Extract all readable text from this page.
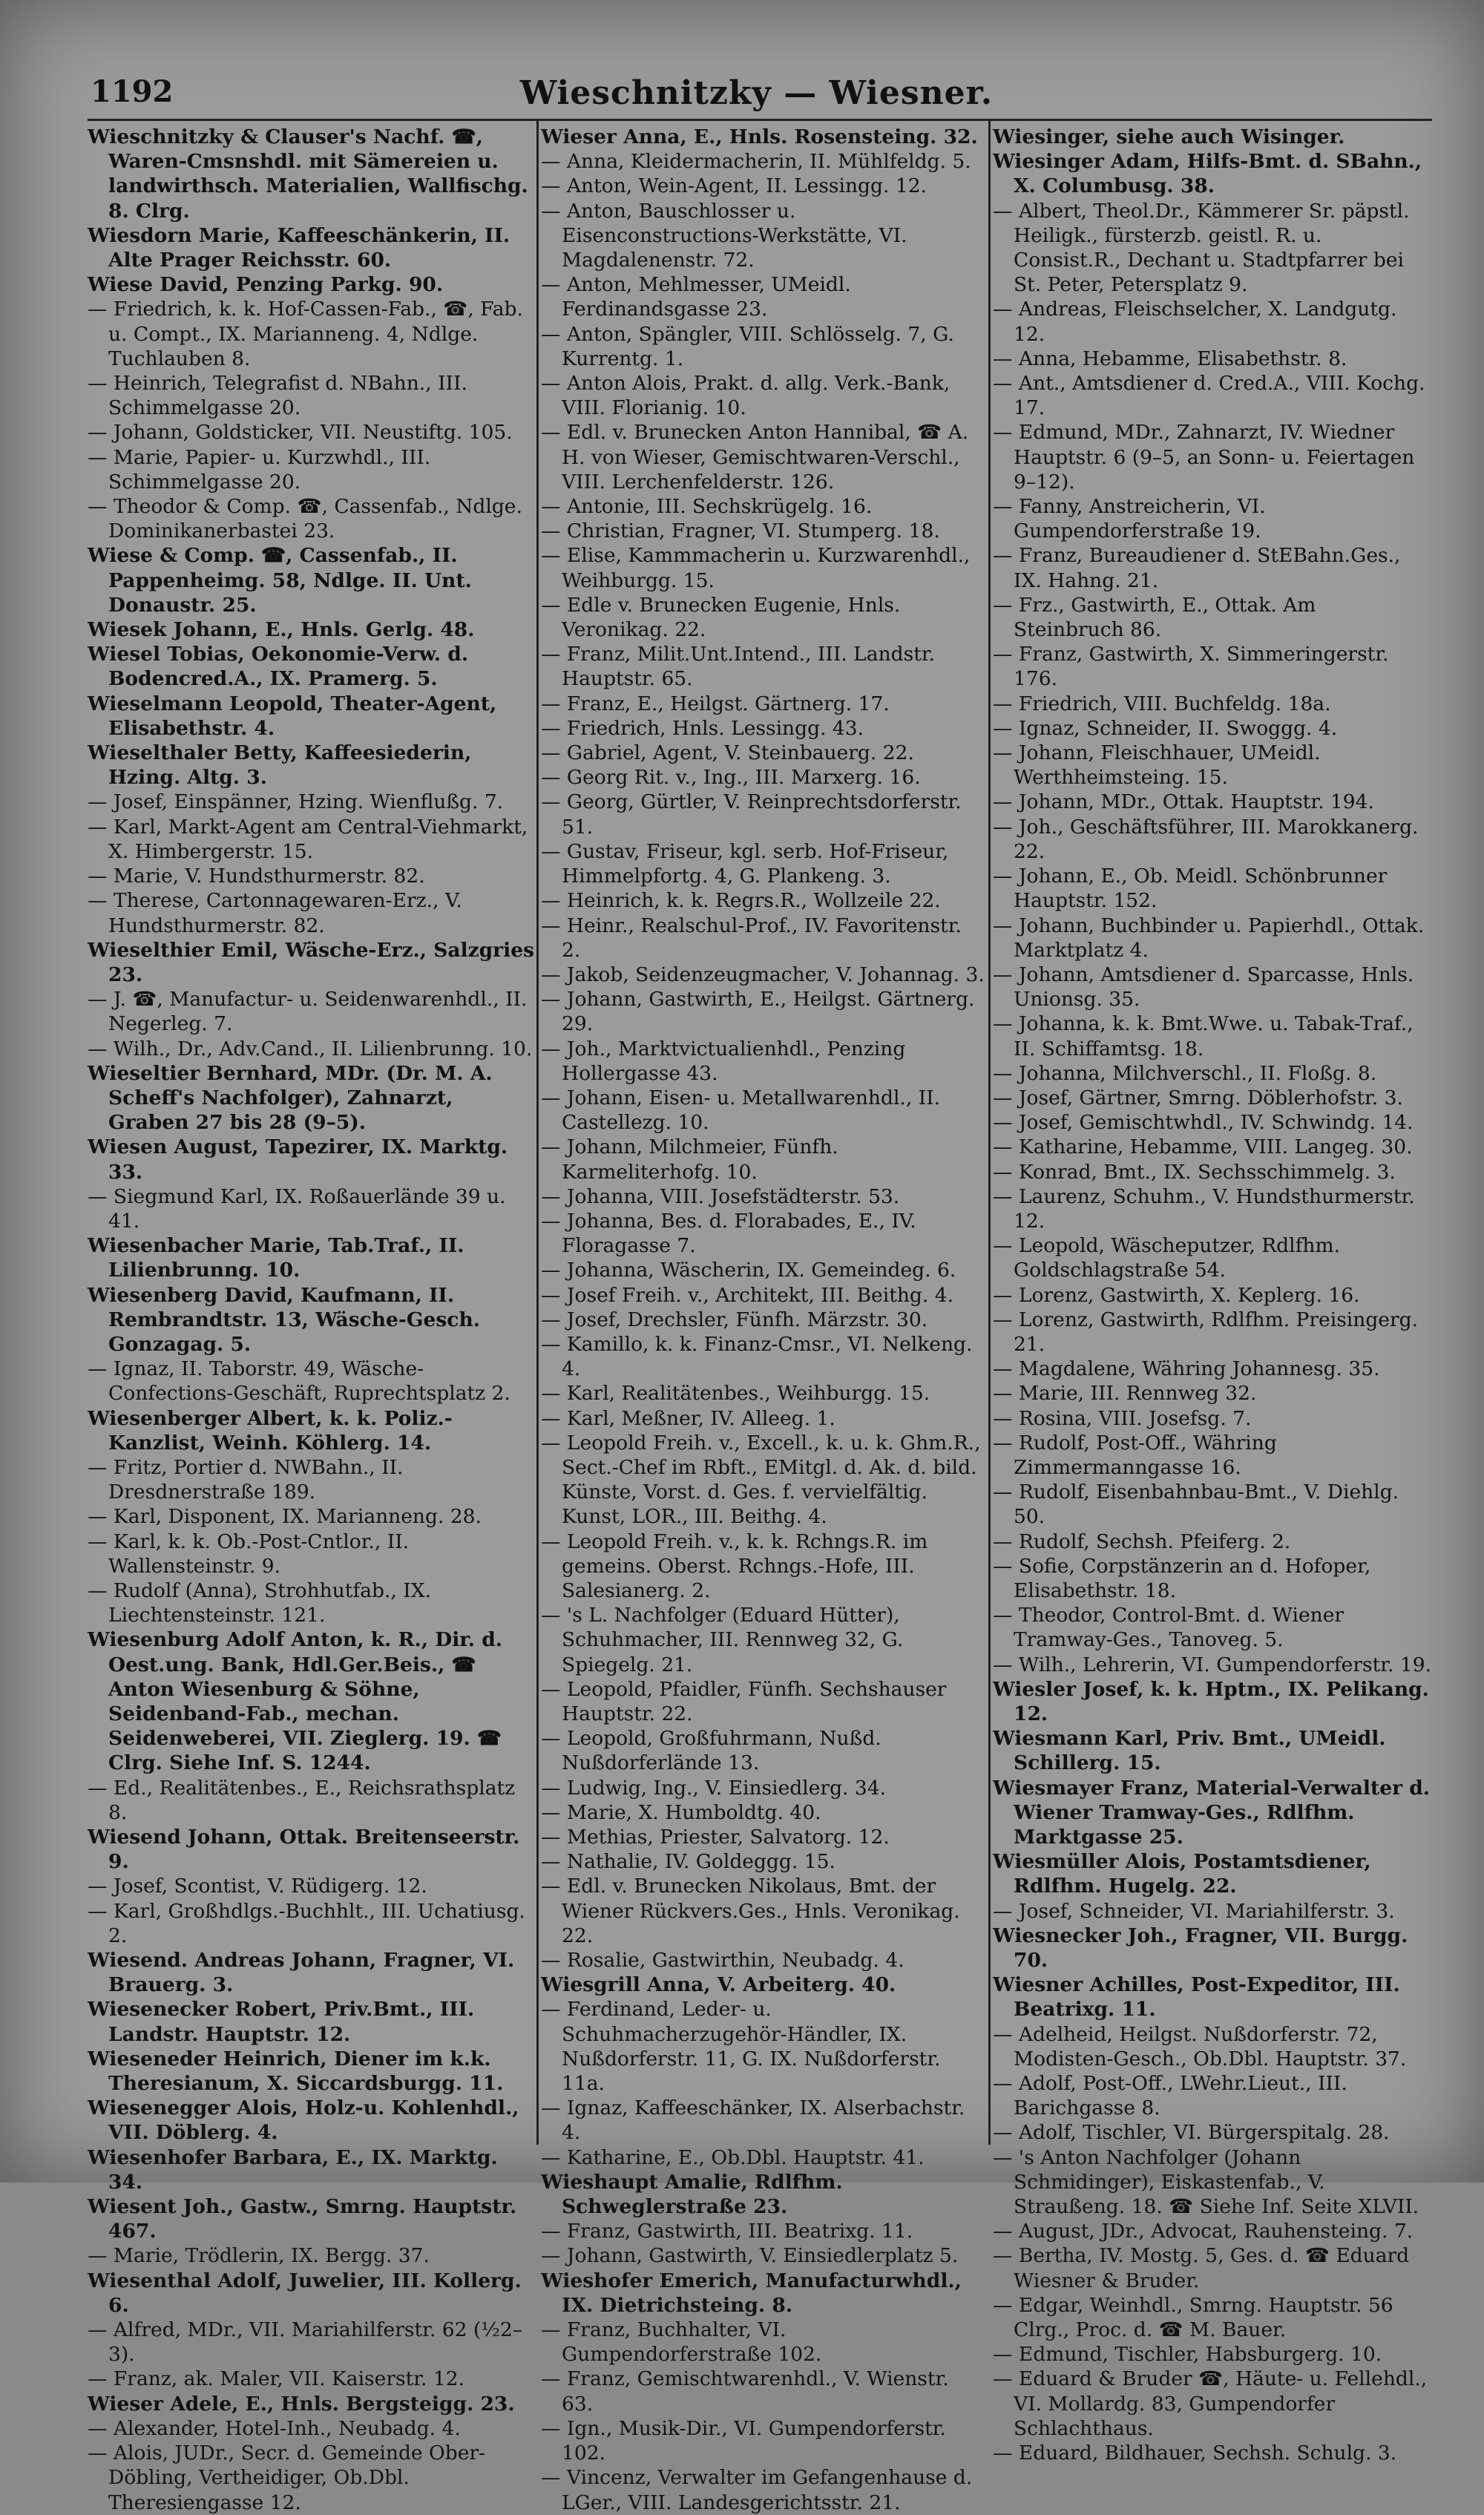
1192	Wieschnitzky — Wiesner.
Wieschnitzky & Clauser's Nachf. ☎, Waren-Cmsnshdl. mit Sämereien u. landwirthsch. Materialien, Wallfischg. 8. Clrg.
Wiesdorn Marie, Kaffeeschänkerin, II. Alte Prager Reichsstr. 60.
Wiese David, Penzing Parkg. 90.
— Friedrich, k. k. Hof-Cassen-Fab., ☎, Fab. u. Compt., IX. Marianneng. 4, Ndlge. Tuchlauben 8.
— Heinrich, Telegrafist d. NBahn., III. Schimmelgasse 20.
— Johann, Goldsticker, VII. Neustiftg. 105.
— Marie, Papier- u. Kurzwhdl., III. Schimmelgasse 20.
— Theodor & Comp. ☎, Cassenfab., Ndlge. Dominikanerbastei 23.
Wiese & Comp. ☎, Cassenfab., II. Pappenheimg. 58, Ndlge. II. Unt. Donaustr. 25.
Wiesek Johann, E., Hnls. Gerlg. 48.
Wiesel Tobias, Oekonomie-Verw. d. Bodencred.A., IX. Pramerg. 5.
Wieselmann Leopold, Theater-Agent, Elisabethstr. 4.
Wieselthaler Betty, Kaffeesiederin, Hzing. Altg. 3.
— Josef, Einspänner, Hzing. Wienflußg. 7.
— Karl, Markt-Agent am Central-Viehmarkt, X. Himbergerstr. 15.
— Marie, V. Hundsthurmerstr. 82.
— Therese, Cartonnagewaren-Erz., V. Hundsthurmerstr. 82.
Wieselthier Emil, Wäsche-Erz., Salzgries 23.
— J. ☎, Manufactur- u. Seidenwarenhdl., II. Negerleg. 7.
— Wilh., Dr., Adv.Cand., II. Lilienbrunng. 10.
Wieseltier Bernhard, MDr. (Dr. M. A. Scheff's Nachfolger), Zahnarzt, Graben 27 bis 28 (9–5).
Wiesen August, Tapezirer, IX. Marktg. 33.
— Siegmund Karl, IX. Roßauerlände 39 u. 41.
Wiesenbacher Marie, Tab.Traf., II. Lilienbrunng. 10.
Wiesenberg David, Kaufmann, II. Rembrandtstr. 13, Wäsche-Gesch. Gonzagag. 5.
— Ignaz, II. Taborstr. 49, Wäsche-Confections-Geschäft, Ruprechtsplatz 2.
Wiesenberger Albert, k. k. Poliz.-Kanzlist, Weinh. Köhlerg. 14.
— Fritz, Portier d. NWBahn., II. Dresdnerstraße 189.
— Karl, Disponent, IX. Marianneng. 28.
— Karl, k. k. Ob.-Post-Cntlor., II. Wallensteinstr. 9.
— Rudolf (Anna), Strohhutfab., IX. Liechtensteinstr. 121.
Wiesenburg Adolf Anton, k. R., Dir. d. Oest.ung. Bank, Hdl.Ger.Beis., ☎ Anton Wiesenburg & Söhne, Seidenband-Fab., mechan. Seidenweberei, VII. Zieglerg. 19. ☎ Clrg. Siehe Inf. S. 1244.
— Ed., Realitätenbes., E., Reichsrathsplatz 8.
Wiesend Johann, Ottak. Breitenseerstr. 9.
— Josef, Scontist, V. Rüdigerg. 12.
— Karl, Großhdlgs.-Buchhlt., III. Uchatiusg. 2.
Wiesend. Andreas Johann, Fragner, VI. Brauerg. 3.
Wiesenecker Robert, Priv.Bmt., III. Landstr. Hauptstr. 12.
Wieseneder Heinrich, Diener im k.k. Theresianum, X. Siccardsburgg. 11.
Wiesenegger Alois, Holz-u. Kohlenhdl., VII. Döblerg. 4.
Wiesenhofer Barbara, E., IX. Marktg. 34.
Wiesent Joh., Gastw., Smrng. Hauptstr. 467.
— Marie, Trödlerin, IX. Bergg. 37.
Wiesenthal Adolf, Juwelier, III. Kollerg. 6.
— Alfred, MDr., VII. Mariahilferstr. 62 (½2–3).
— Franz, ak. Maler, VII. Kaiserstr. 12.
Wieser Adele, E., Hnls. Bergsteigg. 23.
— Alexander, Hotel-Inh., Neubadg. 4.
— Alois, JUDr., Secr. d. Gemeinde Ober-Döbling, Vertheidiger, Ob.Dbl. Theresiengasse 12.
Wieser Anna, E., Hnls. Rosensteing. 32.
— Anna, Kleidermacherin, II. Mühlfeldg. 5.
— Anton, Wein-Agent, II. Lessingg. 12.
— Anton, Bauschlosser u. Eisenconstructions-Werkstätte, VI. Magdalenenstr. 72.
— Anton, Mehlmesser, UMeidl. Ferdinandsgasse 23.
— Anton, Spängler, VIII. Schlösselg. 7, G. Kurrentg. 1.
— Anton Alois, Prakt. d. allg. Verk.-Bank, VIII. Florianig. 10.
— Edl. v. Brunecken Anton Hannibal, ☎ A. H. von Wieser, Gemischtwaren-Verschl., VIII. Lerchenfelderstr. 126.
— Antonie, III. Sechskrügelg. 16.
— Christian, Fragner, VI. Stumperg. 18.
— Elise, Kammmacherin u. Kurzwarenhdl., Weihburgg. 15.
— Edle v. Brunecken Eugenie, Hnls. Veronikag. 22.
— Franz, Milit.Unt.Intend., III. Landstr. Hauptstr. 65.
— Franz, E., Heilgst. Gärtnerg. 17.
— Friedrich, Hnls. Lessingg. 43.
— Gabriel, Agent, V. Steinbauerg. 22.
— Georg Rit. v., Ing., III. Marxerg. 16.
— Georg, Gürtler, V. Reinprechtsdorferstr. 51.
— Gustav, Friseur, kgl. serb. Hof-Friseur, Himmelpfortg. 4, G. Plankeng. 3.
— Heinrich, k. k. Regrs.R., Wollzeile 22.
— Heinr., Realschul-Prof., IV. Favoritenstr. 2.
— Jakob, Seidenzeugmacher, V. Johannag. 3.
— Johann, Gastwirth, E., Heilgst. Gärtnerg. 29.
— Joh., Marktvictualienhdl., Penzing Hollergasse 43.
— Johann, Eisen- u. Metallwarenhdl., II. Castellezg. 10.
— Johann, Milchmeier, Fünfh. Karmeliterhofg. 10.
— Johanna, VIII. Josefstädterstr. 53.
— Johanna, Bes. d. Florabades, E., IV. Floragasse 7.
— Johanna, Wäscherin, IX. Gemeindeg. 6.
— Josef Freih. v., Architekt, III. Beithg. 4.
— Josef, Drechsler, Fünfh. Märzstr. 30.
— Kamillo, k. k. Finanz-Cmsr., VI. Nelkeng. 4.
— Karl, Realitätenbes., Weihburgg. 15.
— Karl, Meßner, IV. Alleeg. 1.
— Leopold Freih. v., Excell., k. u. k. Ghm.R., Sect.-Chef im Rbft., EMitgl. d. Ak. d. bild. Künste, Vorst. d. Ges. f. vervielfältig. Kunst, LOR., III. Beithg. 4.
— Leopold Freih. v., k. k. Rchngs.R. im gemeins. Oberst. Rchngs.-Hofe, III. Salesianerg. 2.
— 's L. Nachfolger (Eduard Hütter), Schuhmacher, III. Rennweg 32, G. Spiegelg. 21.
— Leopold, Pfaidler, Fünfh. Sechshauser Hauptstr. 22.
— Leopold, Großfuhrmann, Nußd. Nußdorferlände 13.
— Ludwig, Ing., V. Einsiedlerg. 34.
— Marie, X. Humboldtg. 40.
— Methias, Priester, Salvatorg. 12.
— Nathalie, IV. Goldeggg. 15.
— Edl. v. Brunecken Nikolaus, Bmt. der Wiener Rückvers.Ges., Hnls. Veronikag. 22.
— Rosalie, Gastwirthin, Neubadg. 4.
Wiesgrill Anna, V. Arbeiterg. 40.
— Ferdinand, Leder- u. Schuhmacherzugehör-Händler, IX. Nußdorferstr. 11, G. IX. Nußdorferstr. 11a.
— Ignaz, Kaffeeschänker, IX. Alserbachstr. 4.
— Katharine, E., Ob.Dbl. Hauptstr. 41.
Wieshaupt Amalie, Rdlfhm. Schweglerstraße 23.
— Franz, Gastwirth, III. Beatrixg. 11.
— Johann, Gastwirth, V. Einsiedlerplatz 5.
Wieshofer Emerich, Manufacturwhdl., IX. Dietrichsteing. 8.
— Franz, Buchhalter, VI. Gumpendorferstraße 102.
— Franz, Gemischtwarenhdl., V. Wienstr. 63.
— Ign., Musik-Dir., VI. Gumpendorferstr. 102.
— Vincenz, Verwalter im Gefangenhause d. LGer., VIII. Landesgerichtsstr. 21.
Wiesinger, siehe auch Wisinger.
Wiesinger Adam, Hilfs-Bmt. d. SBahn., X. Columbusg. 38.
— Albert, Theol.Dr., Kämmerer Sr. päpstl. Heiligk., fürsterzb. geistl. R. u. Consist.R., Dechant u. Stadtpfarrer bei St. Peter, Petersplatz 9.
— Andreas, Fleischselcher, X. Landgutg. 12.
— Anna, Hebamme, Elisabethstr. 8.
— Ant., Amtsdiener d. Cred.A., VIII. Kochg. 17.
— Edmund, MDr., Zahnarzt, IV. Wiedner Hauptstr. 6 (9–5, an Sonn- u. Feiertagen 9–12).
— Fanny, Anstreicherin, VI. Gumpendorferstraße 19.
— Franz, Bureaudiener d. StEBahn.Ges., IX. Hahng. 21.
— Frz., Gastwirth, E., Ottak. Am Steinbruch 86.
— Franz, Gastwirth, X. Simmeringerstr. 176.
— Friedrich, VIII. Buchfeldg. 18a.
— Ignaz, Schneider, II. Swoggg. 4.
— Johann, Fleischhauer, UMeidl. Werthheimsteing. 15.
— Johann, MDr., Ottak. Hauptstr. 194.
— Joh., Geschäftsführer, III. Marokkanerg. 22.
— Johann, E., Ob. Meidl. Schönbrunner Hauptstr. 152.
— Johann, Buchbinder u. Papierhdl., Ottak. Marktplatz 4.
— Johann, Amtsdiener d. Sparcasse, Hnls. Unionsg. 35.
— Johanna, k. k. Bmt.Wwe. u. Tabak-Traf., II. Schiffamtsg. 18.
— Johanna, Milchverschl., II. Floßg. 8.
— Josef, Gärtner, Smrng. Döblerhofstr. 3.
— Josef, Gemischtwhdl., IV. Schwindg. 14.
— Katharine, Hebamme, VIII. Langeg. 30.
— Konrad, Bmt., IX. Sechsschimmelg. 3.
— Laurenz, Schuhm., V. Hundsthurmerstr. 12.
— Leopold, Wäscheputzer, Rdlfhm. Goldschlagstraße 54.
— Lorenz, Gastwirth, X. Keplerg. 16.
— Lorenz, Gastwirth, Rdlfhm. Preisingerg. 21.
— Magdalene, Währing Johannesg. 35.
— Marie, III. Rennweg 32.
— Rosina, VIII. Josefsg. 7.
— Rudolf, Post-Off., Währing Zimmermanngasse 16.
— Rudolf, Eisenbahnbau-Bmt., V. Diehlg. 50.
— Rudolf, Sechsh. Pfeiferg. 2.
— Sofie, Corpstänzerin an d. Hofoper, Elisabethstr. 18.
— Theodor, Control-Bmt. d. Wiener Tramway-Ges., Tanoveg. 5.
— Wilh., Lehrerin, VI. Gumpendorferstr. 19.
Wiesler Josef, k. k. Hptm., IX. Pelikang. 12.
Wiesmann Karl, Priv. Bmt., UMeidl. Schillerg. 15.
Wiesmayer Franz, Material-Verwalter d. Wiener Tramway-Ges., Rdlfhm. Marktgasse 25.
Wiesmüller Alois, Postamtsdiener, Rdlfhm. Hugelg. 22.
— Josef, Schneider, VI. Mariahilferstr. 3.
Wiesnecker Joh., Fragner, VII. Burgg. 70.
Wiesner Achilles, Post-Expeditor, III. Beatrixg. 11.
— Adelheid, Heilgst. Nußdorferstr. 72, Modisten-Gesch., Ob.Dbl. Hauptstr. 37.
— Adolf, Post-Off., LWehr.Lieut., III. Barichgasse 8.
— Adolf, Tischler, VI. Bürgerspitalg. 28.
— 's Anton Nachfolger (Johann Schmidinger), Eiskastenfab., V. Straußeng. 18. ☎ Siehe Inf. Seite XLVII.
— August, JDr., Advocat, Rauhensteing. 7.
— Bertha, IV. Mostg. 5, Ges. d. ☎ Eduard Wiesner & Bruder.
— Edgar, Weinhdl., Smrng. Hauptstr. 56 Clrg., Proc. d. ☎ M. Bauer.
— Edmund, Tischler, Habsburgerg. 10.
— Eduard & Bruder ☎, Häute- u. Fellehdl., VI. Mollardg. 83, Gumpendorfer Schlachthaus.
— Eduard, Bildhauer, Sechsh. Schulg. 3.
